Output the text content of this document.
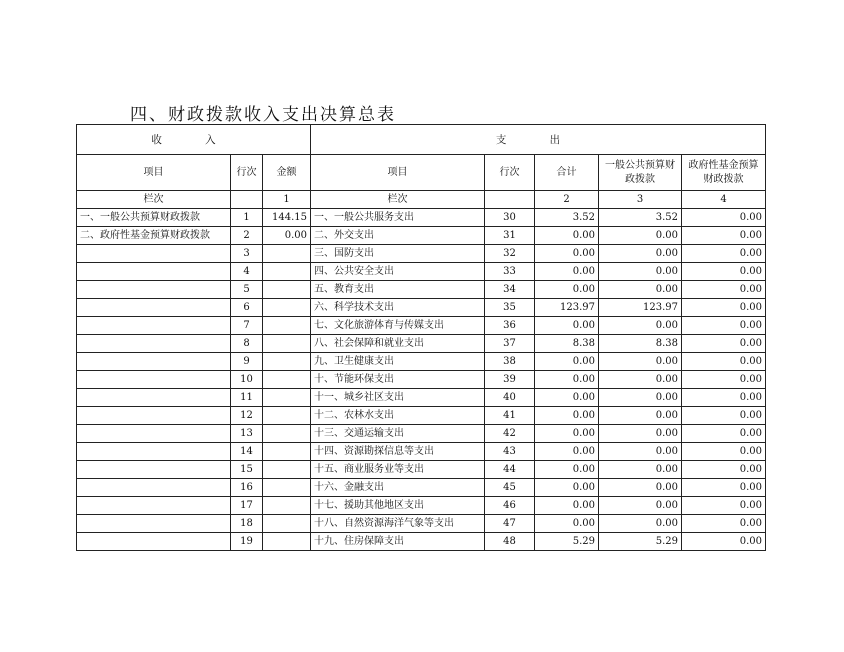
四、财政拨款收入支出决算总表
收 入			支 出				
项目	行次	金额	项目	行次	合计	一般公共预算财政拨款	政府性基金预算财政拨款
栏次		1	栏次		2	3	4
一、一般公共预算财政拨款	1	144.15	一、一般公共服务支出	30	3.52	3.52	0.00
二、政府性基金预算财政拨款	2	0.00	二、外交支出	31	0.00	0.00	0.00
	3		三、国防支出	32	0.00	0.00	0.00
	4		四、公共安全支出	33	0.00	0.00	0.00
	5		五、教育支出	34	0.00	0.00	0.00
	6		六、科学技术支出	35	123.97	123.97	0.00
	7		七、文化旅游体育与传媒支出	36	0.00	0.00	0.00
	8		八、社会保障和就业支出	37	8.38	8.38	0.00
	9		九、卫生健康支出	38	0.00	0.00	0.00
	10		十、节能环保支出	39	0.00	0.00	0.00
	11		十一、城乡社区支出	40	0.00	0.00	0.00
	12		十二、农林水支出	41	0.00	0.00	0.00
	13		十三、交通运输支出	42	0.00	0.00	0.00
	14		十四、资源勘探信息等支出	43	0.00	0.00	0.00
	15		十五、商业服务业等支出	44	0.00	0.00	0.00
	16		十六、金融支出	45	0.00	0.00	0.00
	17		十七、援助其他地区支出	46	0.00	0.00	0.00
	18		十八、自然资源海洋气象等支出	47	0.00	0.00	0.00
	19		十九、住房保障支出	48	5.29	5.29	0.00
